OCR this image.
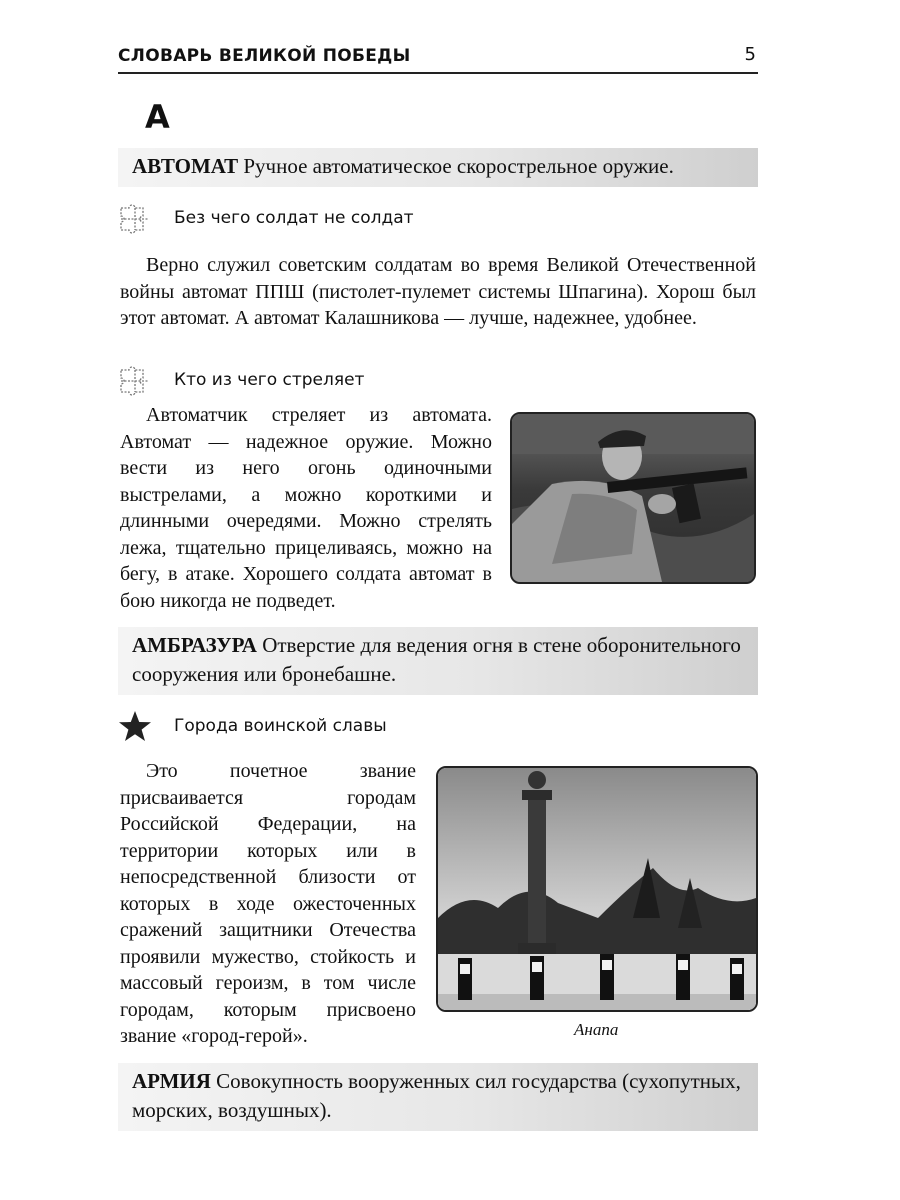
СЛОВАРЬ ВЕЛИКОЙ ПОБЕДЫ	5
А
АВТОМАТ Ручное автоматическое скорострельное оружие.
Без чего солдат не солдат

Верно служил советским солдатам во время Великой Отечественной войны автомат ППШ (пистолет-пулемет системы Шпагина). Хорош был этот автомат. А автомат Калашникова — лучше, надежнее, удобнее.

Кто из чего стреляет

Автоматчик стреляет из автомата. Автомат — надежное оружие. Можно вести из него огонь одиночными выстрелами, а можно короткими и длинными очередями. Можно стрелять лежа, тщательно прицеливаясь, можно на бегу, в атаке. Хорошего солдата автомат в бою никогда не подведет.

АМБРАЗУРА Отверстие для ведения огня в стене оборонительного сооружения или бронебашне.
Города воинской славы

Это почетное звание присваивается городам Российской Федерации, на территории которых или в непосредственной близости от которых в ходе ожесточенных сражений защитники Отечества проявили мужество, стойкость и массовый героизм, в том числе городам, которым присвоено звание «город-герой».	Анапа
АРМИЯ Совокупность вооруженных сил государства (сухопутных, морских, воздушных).
